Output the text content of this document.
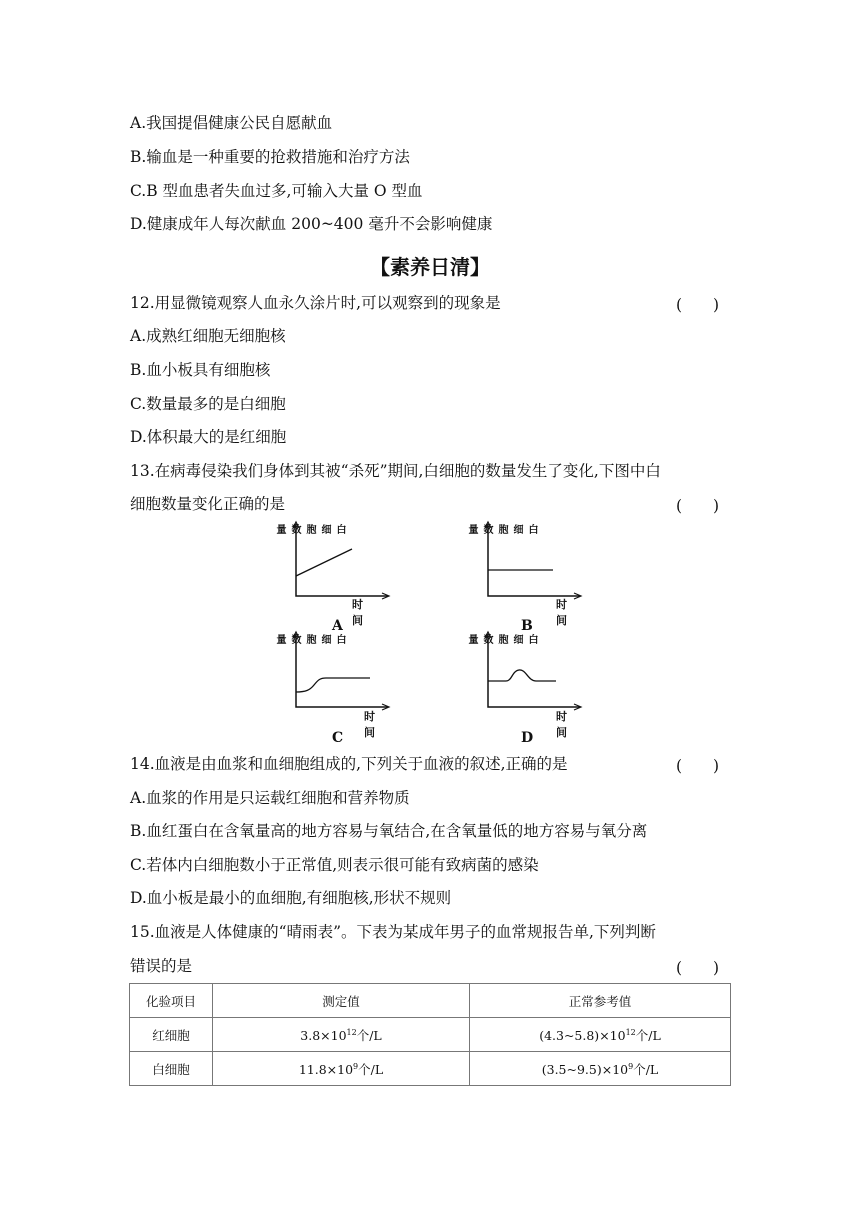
A.我国提倡健康公民自愿献血
B.输血是一种重要的抢救措施和治疗方法
C.B 型血患者失血过多,可输入大量 O 型血
D.健康成年人每次献血 200~400 毫升不会影响健康
【素养日清】
12.用显微镜观察人血永久涂片时,可以观察到的现象是	(　　)
A.成熟红细胞无细胞核
B.血小板具有细胞核
C.数量最多的是白细胞
D.体积最大的是红细胞
13.在病毒侵染我们身体到其被“杀死”期间,白细胞的数量发生了变化,下图中白
细胞数量变化正确的是	(　　)
白细胞数量
时间
A
白细胞数量
时间
B
白细胞数量
时间
C
白细胞数量
时间
D
14.血液是由血浆和血细胞组成的,下列关于血液的叙述,正确的是	(　　)
A.血浆的作用是只运载红细胞和营养物质
B.血红蛋白在含氧量高的地方容易与氧结合,在含氧量低的地方容易与氧分离
C.若体内白细胞数小于正常值,则表示很可能有致病菌的感染
D.血小板是最小的血细胞,有细胞核,形状不规则
15.血液是人体健康的“晴雨表”。下表为某成年男子的血常规报告单,下列判断
错误的是	(　　)
化验项目	测定值	正常参考值
红细胞	$3.8\times 10^{12}$个/L	$(4.3\sim 5.8)\times 10^{12}$个/L
白细胞	$11.8\times 10^9$个/L	$(3.5\sim 9.5)\times 10^9$个/L
